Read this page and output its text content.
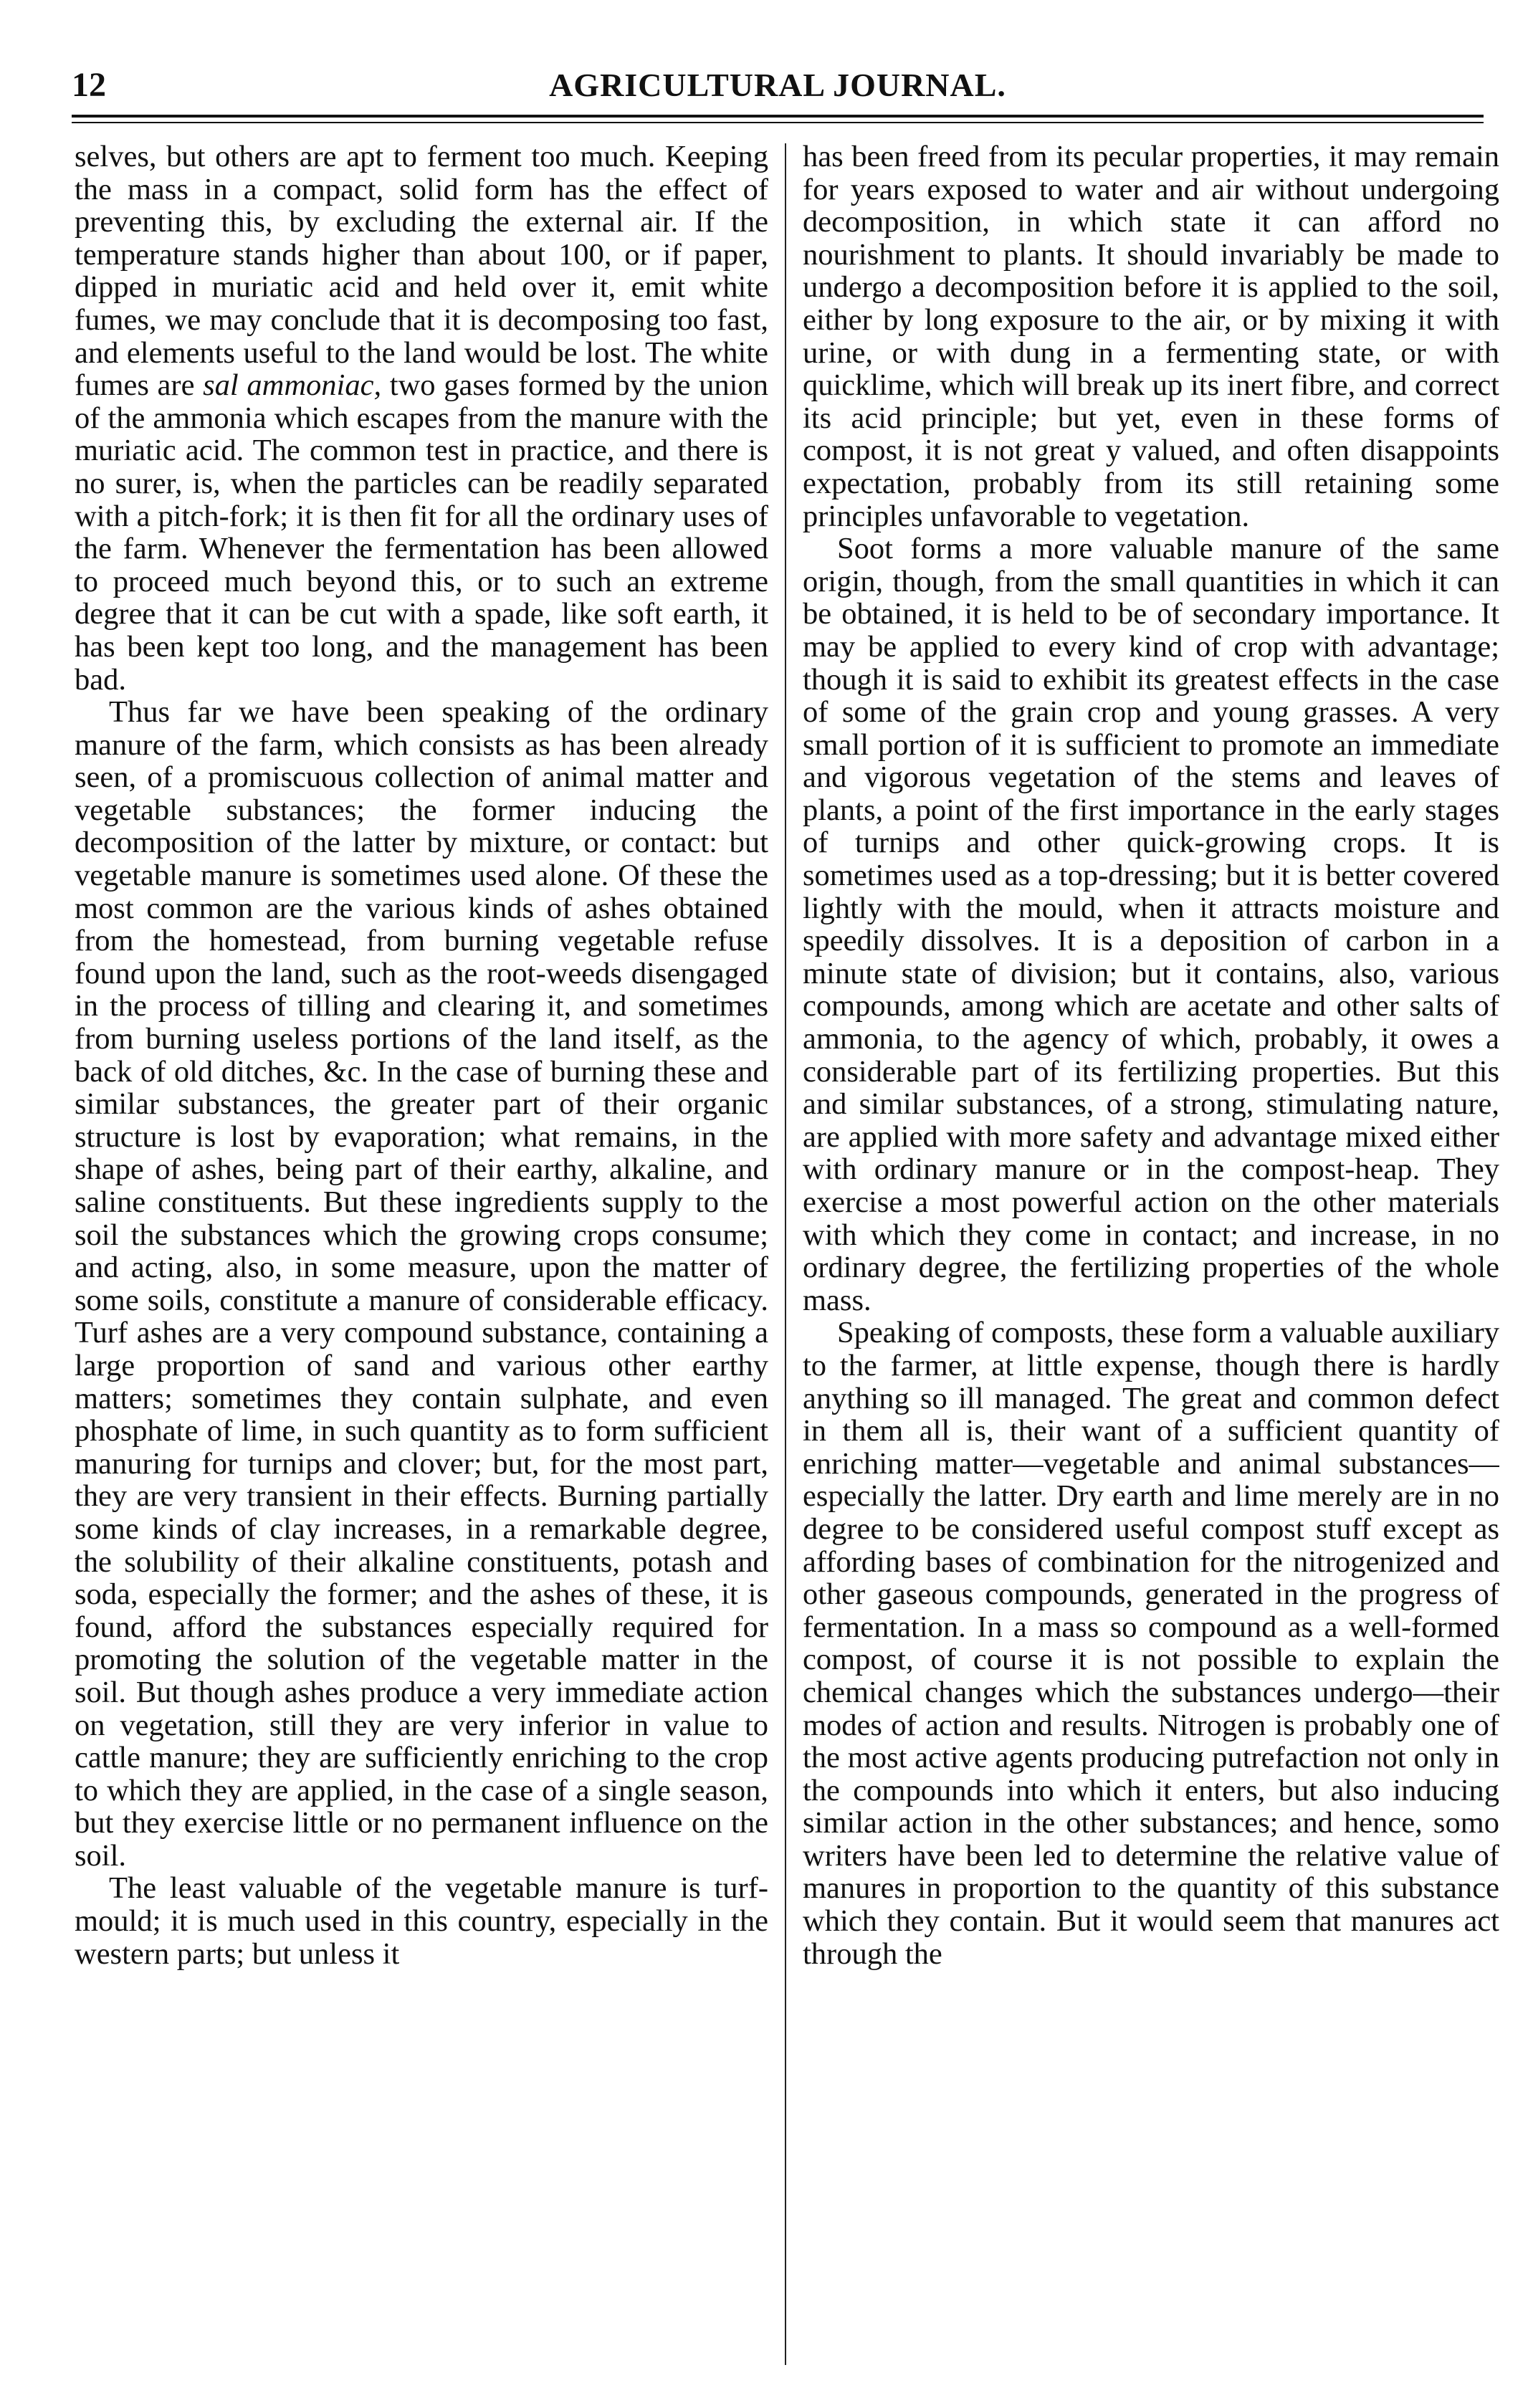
12	AGRICULTURAL JOURNAL.

selves, but others are apt to ferment too much. Keeping the mass in a compact, solid form has the effect of preventing this, by excluding the external air. If the temperature stands higher than about 100, or if paper, dipped in muriatic acid and held over it, emit white fumes, we may conclude that it is decomposing too fast, and elements useful to the land would be lost. The white fumes are sal ammoniac, two gases formed by the union of the ammonia which escapes from the manure with the muriatic acid. The common test in practice, and there is no surer, is, when the particles can be readily separated with a pitch-fork; it is then fit for all the ordinary uses of the farm. Whenever the fermentation has been allowed to proceed much beyond this, or to such an extreme degree that it can be cut with a spade, like soft earth, it has been kept too long, and the management has been bad.

Thus far we have been speaking of the ordinary manure of the farm, which consists as has been already seen, of a promiscuous collection of animal matter and vegetable substances; the former inducing the decomposition of the latter by mixture, or contact: but vegetable manure is sometimes used alone. Of these the most common are the various kinds of ashes obtained from the homestead, from burning vegetable refuse found upon the land, such as the root-weeds disengaged in the process of tilling and clearing it, and sometimes from burning useless portions of the land itself, as the back of old ditches, &c. In the case of burning these and similar substances, the greater part of their organic structure is lost by evaporation; what remains, in the shape of ashes, being part of their earthy, alkaline, and saline constituents. But these ingredients supply to the soil the substances which the growing crops consume; and acting, also, in some measure, upon the matter of some soils, constitute a manure of considerable efficacy. Turf ashes are a very compound substance, containing a large proportion of sand and various other earthy matters; sometimes they contain sulphate, and even phosphate of lime, in such quantity as to form sufficient manuring for turnips and clover; but, for the most part, they are very transient in their effects. Burning partially some kinds of clay increases, in a remarkable degree, the solubility of their alkaline constituents, potash and soda, especially the former; and the ashes of these, it is found, afford the substances especially required for promoting the solution of the vegetable matter in the soil. But though ashes produce a very immediate action on vegetation, still they are very inferior in value to cattle manure; they are sufficiently enriching to the crop to which they are applied, in the case of a single season, but they exercise little or no permanent influence on the soil.

The least valuable of the vegetable manure is turf-mould; it is much used in this country, especially in the western parts; but unless it

has been freed from its pecular properties, it may remain for years exposed to water and air without undergoing decomposition, in which state it can afford no nourishment to plants. It should invariably be made to undergo a decomposition before it is applied to the soil, either by long exposure to the air, or by mixing it with urine, or with dung in a fermenting state, or with quicklime, which will break up its inert fibre, and correct its acid principle; but yet, even in these forms of compost, it is not great y valued, and often disappoints expectation, probably from its still retaining some principles unfavorable to vegetation.

Soot forms a more valuable manure of the same origin, though, from the small quantities in which it can be obtained, it is held to be of secondary importance. It may be applied to every kind of crop with advantage; though it is said to exhibit its greatest effects in the case of some of the grain crop and young grasses. A very small portion of it is sufficient to promote an immediate and vigorous vegetation of the stems and leaves of plants, a point of the first importance in the early stages of turnips and other quick-growing crops. It is sometimes used as a top-dressing; but it is better covered lightly with the mould, when it attracts moisture and speedily dissolves. It is a deposition of carbon in a minute state of division; but it contains, also, various compounds, among which are acetate and other salts of ammonia, to the agency of which, probably, it owes a considerable part of its fertilizing properties. But this and similar substances, of a strong, stimulating nature, are applied with more safety and advantage mixed either with ordinary manure or in the compost-heap. They exercise a most powerful action on the other materials with which they come in contact; and increase, in no ordinary degree, the fertilizing properties of the whole mass.

Speaking of composts, these form a valuable auxiliary to the farmer, at little expense, though there is hardly anything so ill managed. The great and common defect in them all is, their want of a sufficient quantity of enriching matter—vegetable and animal substances—especially the latter. Dry earth and lime merely are in no degree to be considered useful compost stuff except as affording bases of combination for the nitrogenized and other gaseous compounds, generated in the progress of fermentation. In a mass so compound as a well-formed compost, of course it is not possible to explain the chemical changes which the substances undergo—their modes of action and results. Nitrogen is probably one of the most active agents producing putrefaction not only in the compounds into which it enters, but also inducing similar action in the other substances; and hence, somo writers have been led to determine the relative value of manures in proportion to the quantity of this substance which they contain. But it would seem that manures act through the
